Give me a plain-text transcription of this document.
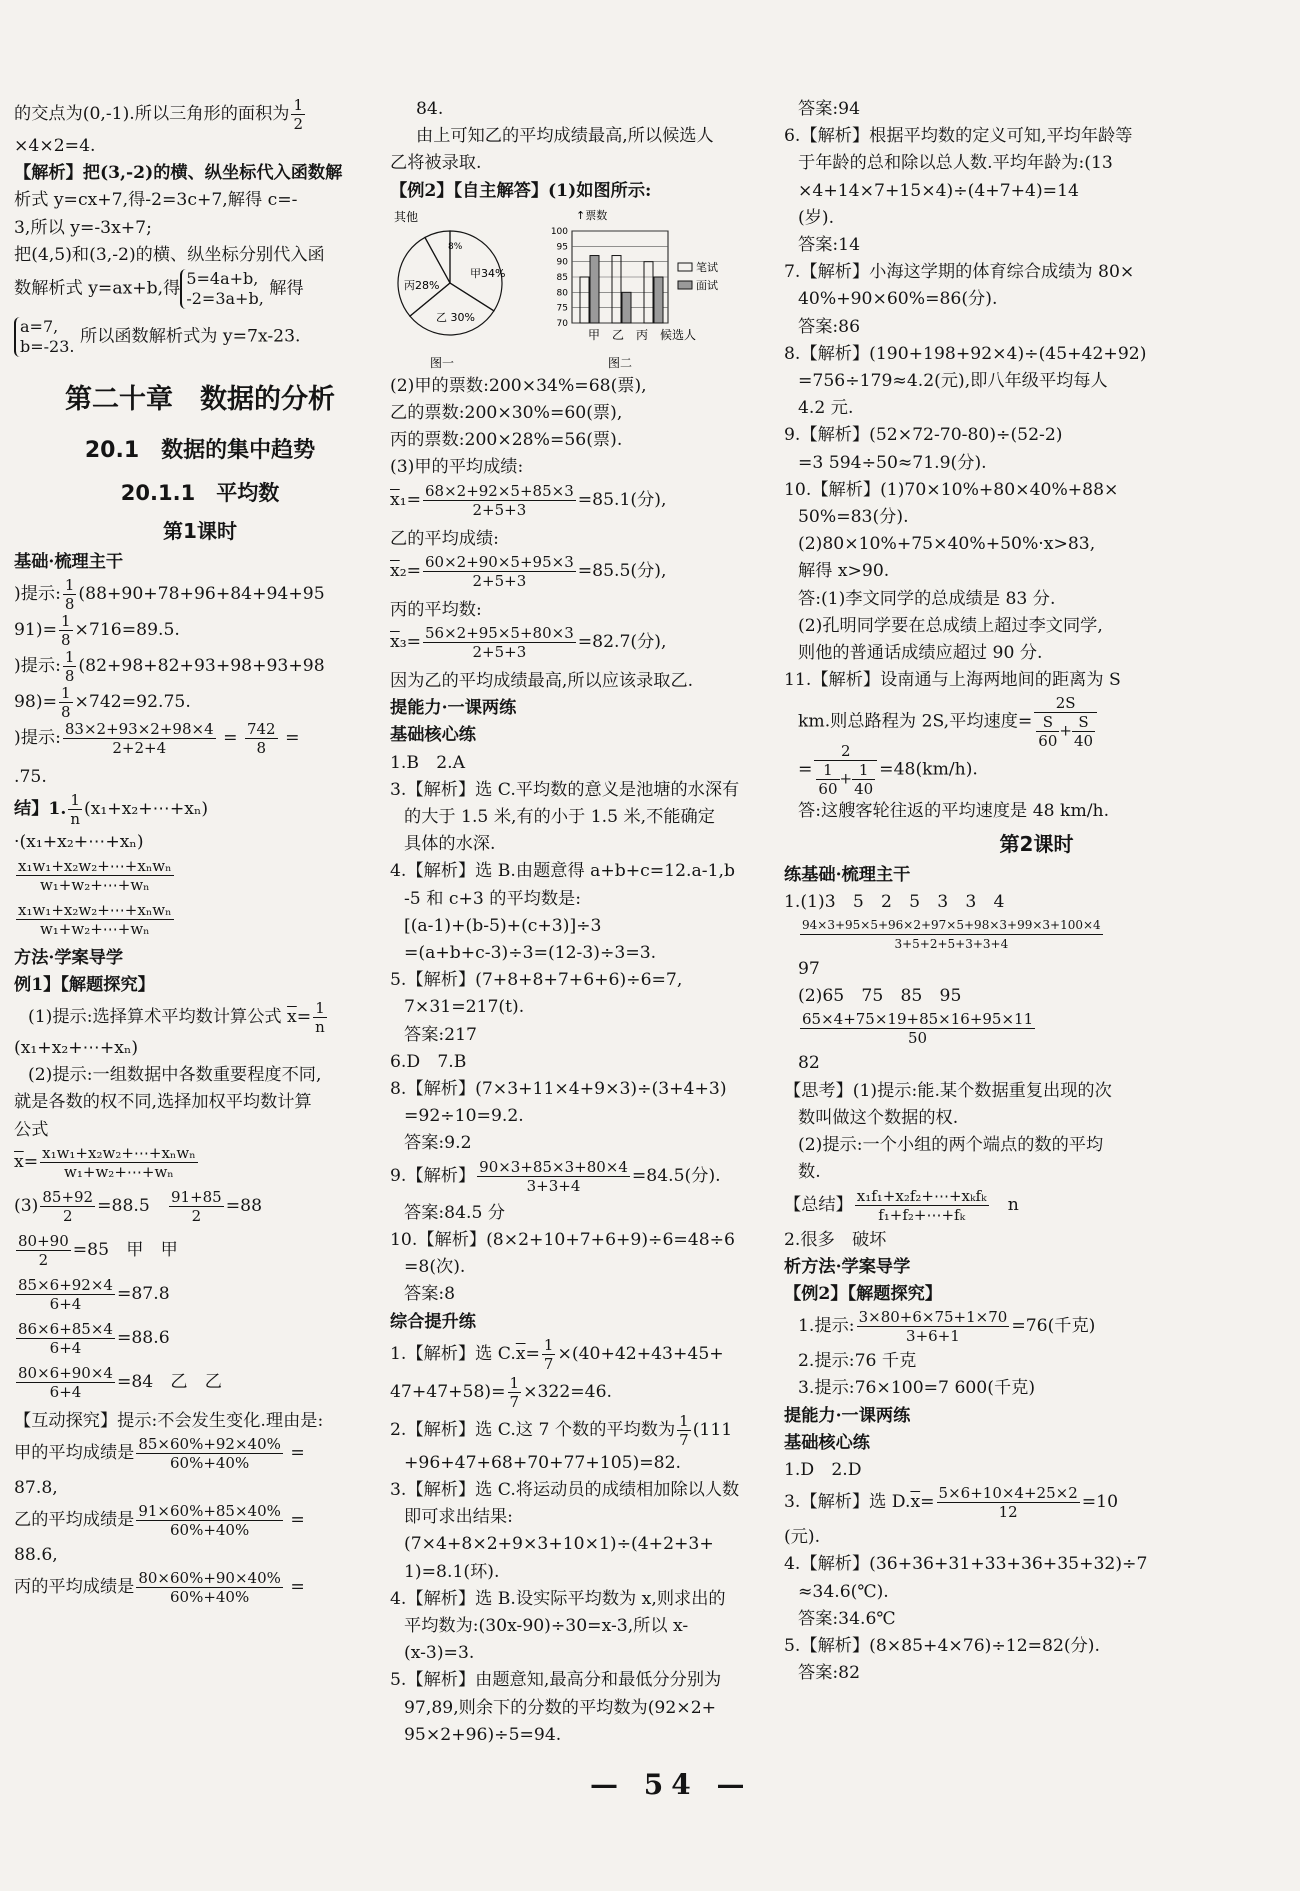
的交点为(0,-1).所以三角形的面积为 $\frac{1}{2}$
×4×2=4.
【解析】把(3,-2)的横、纵坐标代入函数解
析式 y=cx+7,得-2=3c+7,解得 c=-
3,所以 y=-3x+7;
把(4,5)和(3,-2)的横、纵坐标分别代入函
数解析式 y=ax+b,得 5=4a+b,
-2=3a+b, 解得
a=7,
b=-23. 所以函数解析式为 y=7x-23.
第二十章　数据的分析
20.1　数据的集中趋势
20.1.1　平均数
第1课时
基础·梳理主干
)提示: $\frac{1}{8} (88+90+78+96+84+94+95$
$91)= \frac{1}{8} \times 716=89.5$.
)提示: $\frac{1}{8} (82+98+82+93+98+93+98$
$98)= \frac{1}{8} \times 742=92.75$.
)提示: $\frac{83\times 2+93\times 2+98\times 4}{2+2+4} = \frac{742}{8}$ =
.75.
结】1. $\frac{1}{n}$ (x₁+x₂+⋯+xₙ)
·(x₁+x₂+⋯+xₙ)
$\frac{\text{x₁w₁+x₂w₂+⋯+xₙwₙ}}{\text{w₁+w₂+⋯+wₙ}}$
$\frac{\text{x₁w₁+x₂w₂+⋯+xₙwₙ}}{\text{w₁+w₂+⋯+wₙ}}$
方法·学案导学
例1】【解题探究】
(1)提示:选择算术平均数计算公式 $\overline{x}= \frac{1}{n}$
(x₁+x₂+⋯+xₙ)
(2)提示:一组数据中各数重要程度不同,
就是各数的权不同,选择加权平均数计算
公式
$\overline{x}= \frac{\text{x₁w₁+x₂w₂+⋯+xₙwₙ}}{\text{w₁+w₂+⋯+wₙ}}$
$(3) \frac{85+92}{2} =88.5$　 $\frac{91+85}{2} =88$
$\frac{80+90}{2} =85$　甲　甲
$\frac{85\times 6+92\times 4}{6+4} =87.8$
$\frac{86\times 6+85\times 4}{6+4} =88.6$
$\frac{80\times 6+90\times 4}{6+4} =84$　乙　乙
【互动探究】提示:不会发生变化.理由是:
甲的平均成绩是 $\frac{85\times 60\%+92\times 40\%}{60\%+40\%}$ =
87.8,
乙的平均成绩是 $\frac{91\times 60\%+85\times 40\%}{60\%+40\%}$ =
88.6,
丙的平均成绩是 $\frac{80\times 60\%+90\times 40\%}{60\%+40\%}$ =
84.
由上可知乙的平均成绩最高,所以候选人
乙将被录取.
【例2】【自主解答】(1)如图所示:
其他
甲34%
丙28%
乙 30%
8%
图一
↑票数
70
75
80
85
90
95
100
笔试
面试
甲　乙　丙　候选人
图二
(2)甲的票数:200×34%=68(票),
乙的票数:200×30%=60(票),
丙的票数:200×28%=56(票).
(3)甲的平均成绩:
$\overline{x}_1= \frac{68\times 2+92\times 5+85\times 3}{2+5+3} =85.1$(分),
乙的平均成绩:
$\overline{x}_2= \frac{60\times 2+90\times 5+95\times 3}{2+5+3} =85.5$(分),
丙的平均数:
$\overline{x}_3= \frac{56\times 2+95\times 5+80\times 3}{2+5+3} =82.7$(分),
因为乙的平均成绩最高,所以应该录取乙.
提能力·一课两练
基础核心练
1.B　2.A
3.【解析】选 C.平均数的意义是池塘的水深有
的大于 1.5 米,有的小于 1.5 米,不能确定
具体的水深.
4.【解析】选 B.由题意得 a+b+c=12.a-1,b
-5 和 c+3 的平均数是:
[(a-1)+(b-5)+(c+3)]÷3
=(a+b+c-3)÷3=(12-3)÷3=3.
5.【解析】(7+8+8+7+6+6)÷6=7,
7×31=217(t).
答案:217
6.D　7.B
8.【解析】(7×3+11×4+9×3)÷(3+4+3)
=92÷10=9.2.
答案:9.2
9.【解析】 $\frac{90\times 3+85\times 3+80\times 4}{3+3+4} =84.5$(分).
答案:84.5 分
10.【解析】(8×2+10+7+6+9)÷6=48÷6
=8(次).
答案:8
综合提升练
1.【解析】选 $C.\overline{x}= \frac{1}{7} \times(40+42+43+45+$
$47+47+58)= \frac{1}{7} \times 322=46$.
2.【解析】选 C.这 7 个数的平均数为 $\frac{1}{7} (111$
+96+47+68+70+77+105)=82.
3.【解析】选 C.将运动员的成绩相加除以人数
即可求出结果:
(7×4+8×2+9×3+10×1)÷(4+2+3+
1)=8.1(环).
4.【解析】选 B.设实际平均数为 x,则求出的
平均数为:(30x-90)÷30=x-3,所以 x-
(x-3)=3.
5.【解析】由题意知,最高分和最低分分别为
97,89,则余下的分数的平均数为(92×2+
95×2+96)÷5=94.
答案:94
6.【解析】根据平均数的定义可知,平均年龄等
于年龄的总和除以总人数.平均年龄为:(13
×4+14×7+15×4)÷(4+7+4)=14
(岁).
答案:14
7.【解析】小海这学期的体育综合成绩为 80×
40%+90×60%=86(分).
答案:86
8.【解析】(190+198+92×4)÷(45+42+92)
=756÷179≈4.2(元),即八年级平均每人
4.2 元.
9.【解析】(52×72-70-80)÷(52-2)
=3 594÷50≈71.9(分).
10.【解析】(1)70×10%+80×40%+88×
50%=83(分).
(2)80×10%+75×40%+50%·x>83,
解得 x>90.
答:(1)李文同学的总成绩是 83 分.
(2)孔明同学要在总成绩上超过李文同学,
则他的普通话成绩应超过 90 分.
11.【解析】设南通与上海两地间的距离为 S
km.则总路程为 2S,平均速度= $\frac{2S}{\frac{S}{60} + \frac{S}{40}}$
= $\frac{2}{\frac{1}{60} + \frac{1}{40}} =48(km/h)$.
答:这艘客轮往返的平均速度是 48 km/h.
第2课时
练基础·梳理主干
1.(1)3　5　2　5　3　3　4
$\frac{94\times 3+95\times 5+96\times 2+97\times 5+98\times 3+99\times 3+100\times 4}{3+5+2+5+3+3+4}$
97
(2)65　75　85　95
$\frac{65\times 4+75\times 19+85\times 16+95\times 11}{50}$
82
【思考】(1)提示:能.某个数据重复出现的次
数叫做这个数据的权.
(2)提示:一个小组的两个端点的数的平均
数.
【总结】 $\frac{\text{x₁f₁+x₂f₂+⋯+xₖfₖ}}{\text{f₁+f₂+⋯+fₖ}}$
　 n
2.很多　破坏
析方法·学案导学
【例2】【解题探究】
1.提示: $\frac{3\times 80+6\times 75+1\times 70}{3+6+1} =76$(千克)
2.提示:76 千克
3.提示:76×100=7 600(千克)
提能力·一课两练
基础核心练
1.D　2.D
3.【解析】选 $D.\overline{x}= \frac{5\times 6+10\times 4+25\times 2}{12} =10$
(元).
4.【解析】(36+36+31+33+36+35+32)÷7
≈34.6(℃).
答案:34.6℃
5.【解析】(8×85+4×76)÷12=82(分).
答案:82
— 54 —
